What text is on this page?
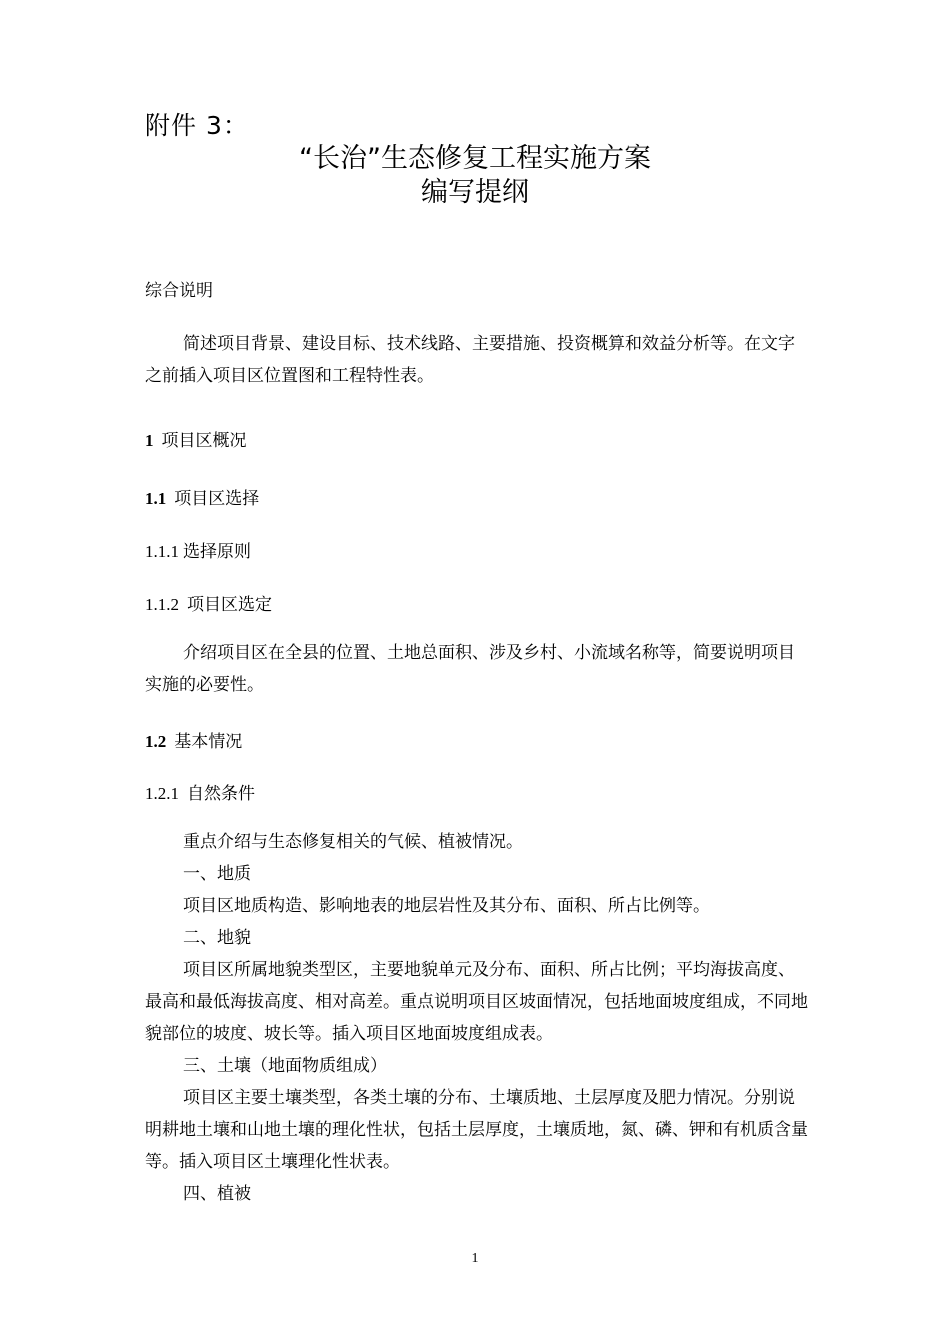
附件 3：
“长治”生态修复工程实施方案
编写提纲
综合说明

简述项目背景、建设目标、技术线路、主要措施、投资概算和效益分析等。在文字之前插入项目区位置图和工程特性表。

1 项目区概况
1.1 项目区选择
1.1.1 选择原则
1.1.2 项目区选定

介绍项目区在全县的位置、土地总面积、涉及乡村、小流域名称等，简要说明项目实施的必要性。

1.2 基本情况
1.2.1 自然条件

重点介绍与生态修复相关的气候、植被情况。

一、地质

项目区地质构造、影响地表的地层岩性及其分布、面积、所占比例等。

二、地貌

项目区所属地貌类型区，主要地貌单元及分布、面积、所占比例；平均海拔高度、最高和最低海拔高度、相对高差。重点说明项目区坡面情况，包括地面坡度组成，不同地貌部位的坡度、坡长等。插入项目区地面坡度组成表。

三、土壤（地面物质组成）

项目区主要土壤类型，各类土壤的分布、土壤质地、土层厚度及肥力情况。分别说明耕地土壤和山地土壤的理化性状，包括土层厚度，土壤质地，氮、磷、钾和有机质含量等。插入项目区土壤理化性状表。

四、植被

1
